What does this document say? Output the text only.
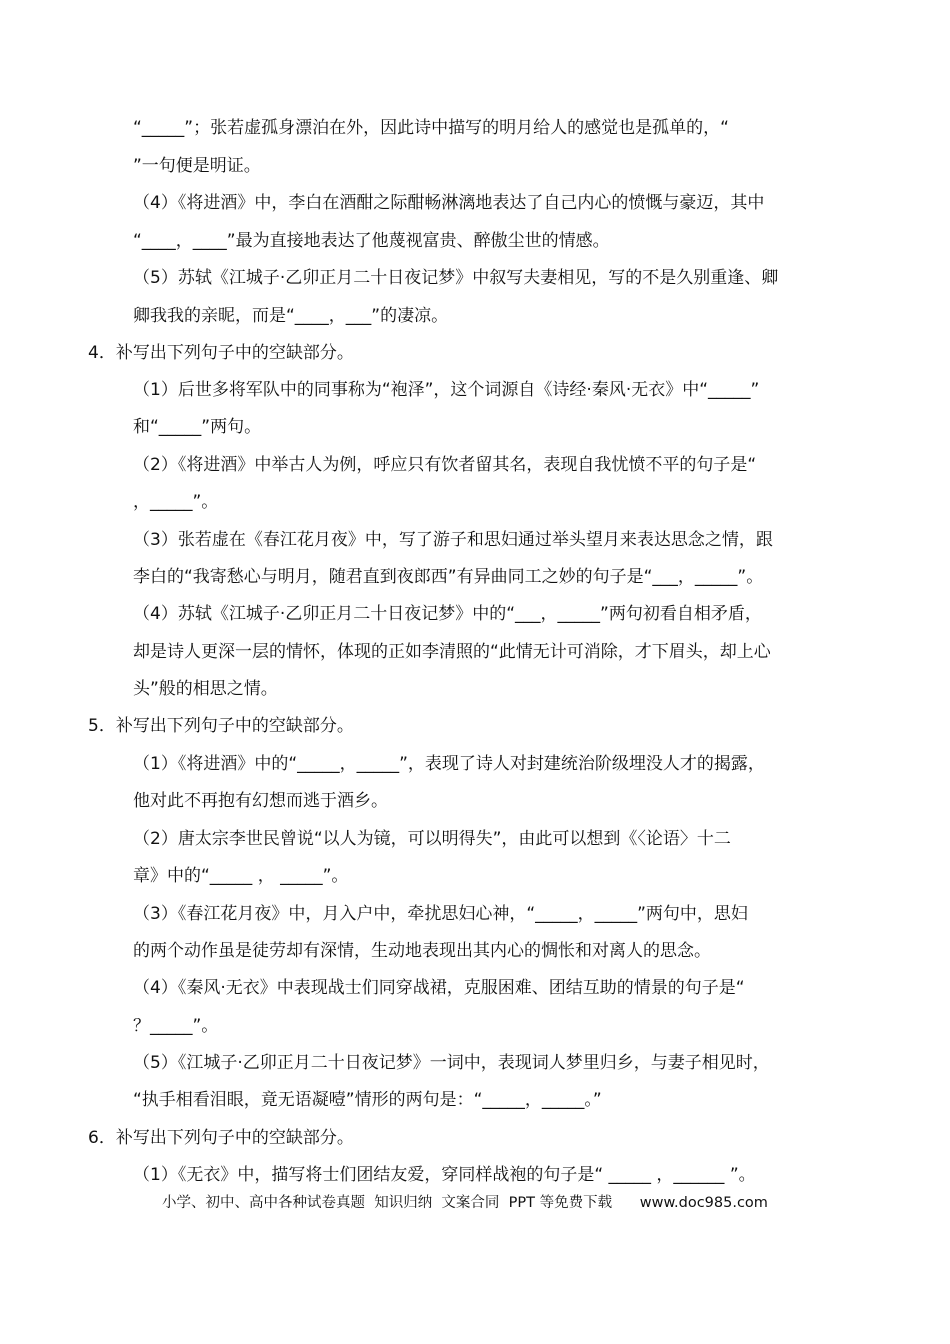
“_____”；张若虚孤身漂泊在外，因此诗中描写的明月给人的感觉也是孤单的，“
”一句便是明证。
（4）《将进酒》中，李白在酒酣之际酣畅淋漓地表达了自己内心的愤慨与豪迈，其中
“____，____”最为直接地表达了他蔑视富贵、醉傲尘世的情感。
（5）苏轼《江城子·乙卯正月二十日夜记梦》中叙写夫妻相见，写的不是久别重逢、卿
卿我我的亲昵，而是“____，___”的凄凉。
4．补写出下列句子中的空缺部分。
（1）后世多将军队中的同事称为“袍泽”，这个词源自《诗经·秦风·无衣》中“_____”
和“_____”两句。
（2）《将进酒》中举古人为例，呼应只有饮者留其名，表现自我忧愤不平的句子是“
，_____”。
（3）张若虚在《春江花月夜》中，写了游子和思妇通过举头望月来表达思念之情，跟
李白的“我寄愁心与明月，随君直到夜郎西”有异曲同工之妙的句子是“___，_____”。
（4）苏轼《江城子·乙卯正月二十日夜记梦》中的“___，_____”两句初看自相矛盾，
却是诗人更深一层的情怀，体现的正如李清照的“此情无计可消除，才下眉头，却上心
头”般的相思之情。
5．补写出下列句子中的空缺部分。
（1）《将进酒》中的“_____，_____”，表现了诗人对封建统治阶级埋没人才的揭露，
他对此不再抱有幻想而逃于酒乡。
（2）唐太宗李世民曾说“以人为镜，可以明得失”，由此可以想到《〈论语〉十二
章》中的“_____ ， _____”。
（3）《春江花月夜》中，月入户中，牵扰思妇心神，“_____，_____”两句中，思妇
的两个动作虽是徒劳却有深情，生动地表现出其内心的惆怅和对离人的思念。
（4）《秦风·无衣》中表现战士们同穿战裙，克服困难、团结互助的情景的句子是“
？_____”。
（5）《江城子·乙卯正月二十日夜记梦》一词中，表现词人梦里归乡，与妻子相见时，
“执手相看泪眼，竟无语凝噎”情形的两句是：“_____，_____。”
6．补写出下列句子中的空缺部分。
（1）《无衣》中，描写将士们团结友爱，穿同样战袍的句子是“ _____ ，______ ”。
小学、初中、高中各种试卷真题  知识归纳  文案合同  PPT 等免费下载      www.doc985.com
